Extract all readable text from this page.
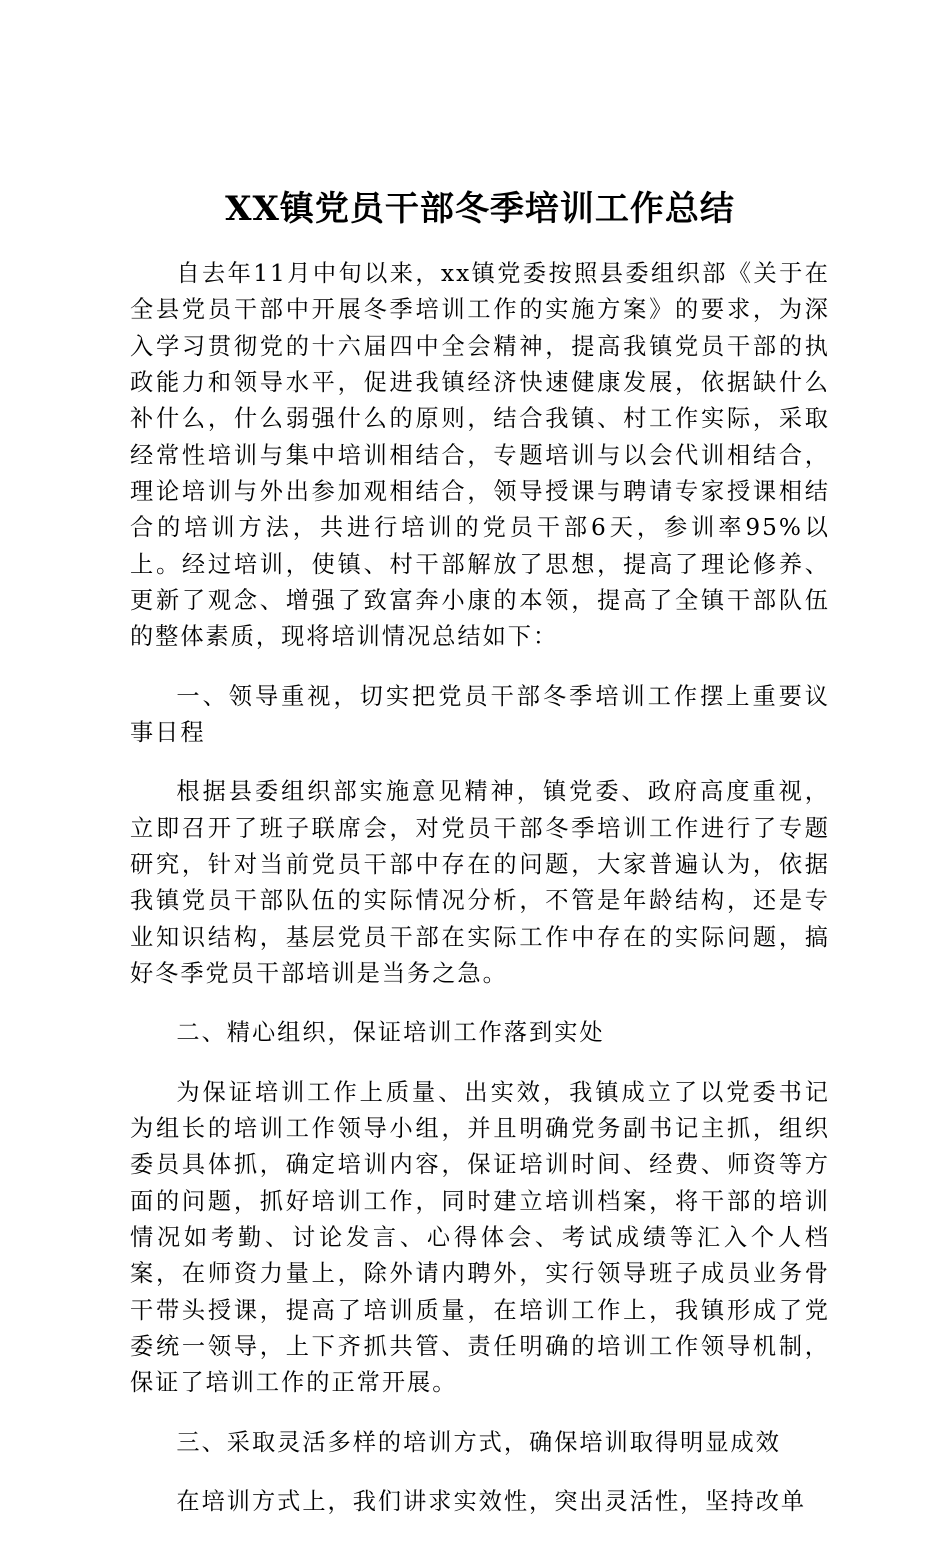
XX镇党员干部冬季培训工作总结

自去年11月中旬以来，xx镇党委按照县委组织部《关于在全县党员干部中开展冬季培训工作的实施方案》的要求，为深入学习贯彻党的十六届四中全会精神，提高我镇党员干部的执政能力和领导水平，促进我镇经济快速健康发展，依据缺什么补什么，什么弱强什么的原则，结合我镇、村工作实际，采取经常性培训与集中培训相结合，专题培训与以会代训相结合，理论培训与外出参加观相结合，领导授课与聘请专家授课相结合的培训方法，共进行培训的党员干部6天，参训率95%以上。经过培训，使镇、村干部解放了思想，提高了理论修养、更新了观念、增强了致富奔小康的本领，提高了全镇干部队伍的整体素质，现将培训情况总结如下：

一、领导重视，切实把党员干部冬季培训工作摆上重要议事日程

根据县委组织部实施意见精神，镇党委、政府高度重视，立即召开了班子联席会，对党员干部冬季培训工作进行了专题研究，针对当前党员干部中存在的问题，大家普遍认为，依据我镇党员干部队伍的实际情况分析，不管是年龄结构，还是专业知识结构，基层党员干部在实际工作中存在的实际问题，搞好冬季党员干部培训是当务之急。

二、精心组织，保证培训工作落到实处

为保证培训工作上质量、出实效，我镇成立了以党委书记为组长的培训工作领导小组，并且明确党务副书记主抓，组织委员具体抓，确定培训内容，保证培训时间、经费、师资等方面的问题，抓好培训工作，同时建立培训档案，将干部的培训情况如考勤、讨论发言、心得体会、考试成绩等汇入个人档案，在师资力量上，除外请内聘外，实行领导班子成员业务骨干带头授课，提高了培训质量，在培训工作上，我镇形成了党委统一领导，上下齐抓共管、责任明确的培训工作领导机制，保证了培训工作的正常开展。

三、采取灵活多样的培训方式，确保培训取得明显成效

在培训方式上，我们讲求实效性，突出灵活性，坚持改单
